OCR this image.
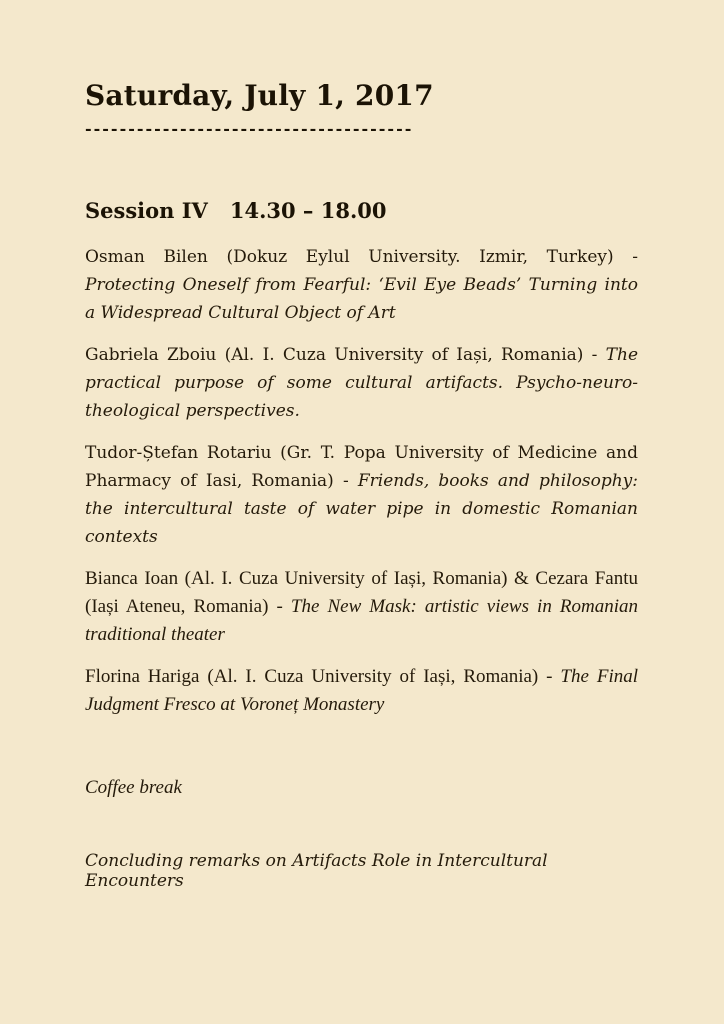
Saturday, July 1, 2017
--------------------------------------
Session IV 14.30 – 18.00

Osman Bilen (Dokuz Eylul University. Izmir, Turkey) - Protecting Oneself from Fearful: ‘Evil Eye Beads’ Turning into a Widespread Cultural Object of Art

Gabriela Zboiu (Al. I. Cuza University of Iași, Romania) - The practical purpose of some cultural artifacts. Psycho-neuro-theological perspectives.

Tudor-Ștefan Rotariu (Gr. T. Popa University of Medicine and Pharmacy of Iasi, Romania) - Friends, books and philosophy: the intercultural taste of water pipe in domestic Romanian contexts

Bianca Ioan (Al. I. Cuza University of Iași, Romania) & Cezara Fantu (Iași Ateneu, Romania) - The New Mask: artistic views in Romanian traditional theater

Florina Hariga (Al. I. Cuza University of Iași, Romania) - The Final Judgment Fresco at Voroneț Monastery

Coffee break

Concluding remarks on Artifacts Role in Intercultural Encounters
